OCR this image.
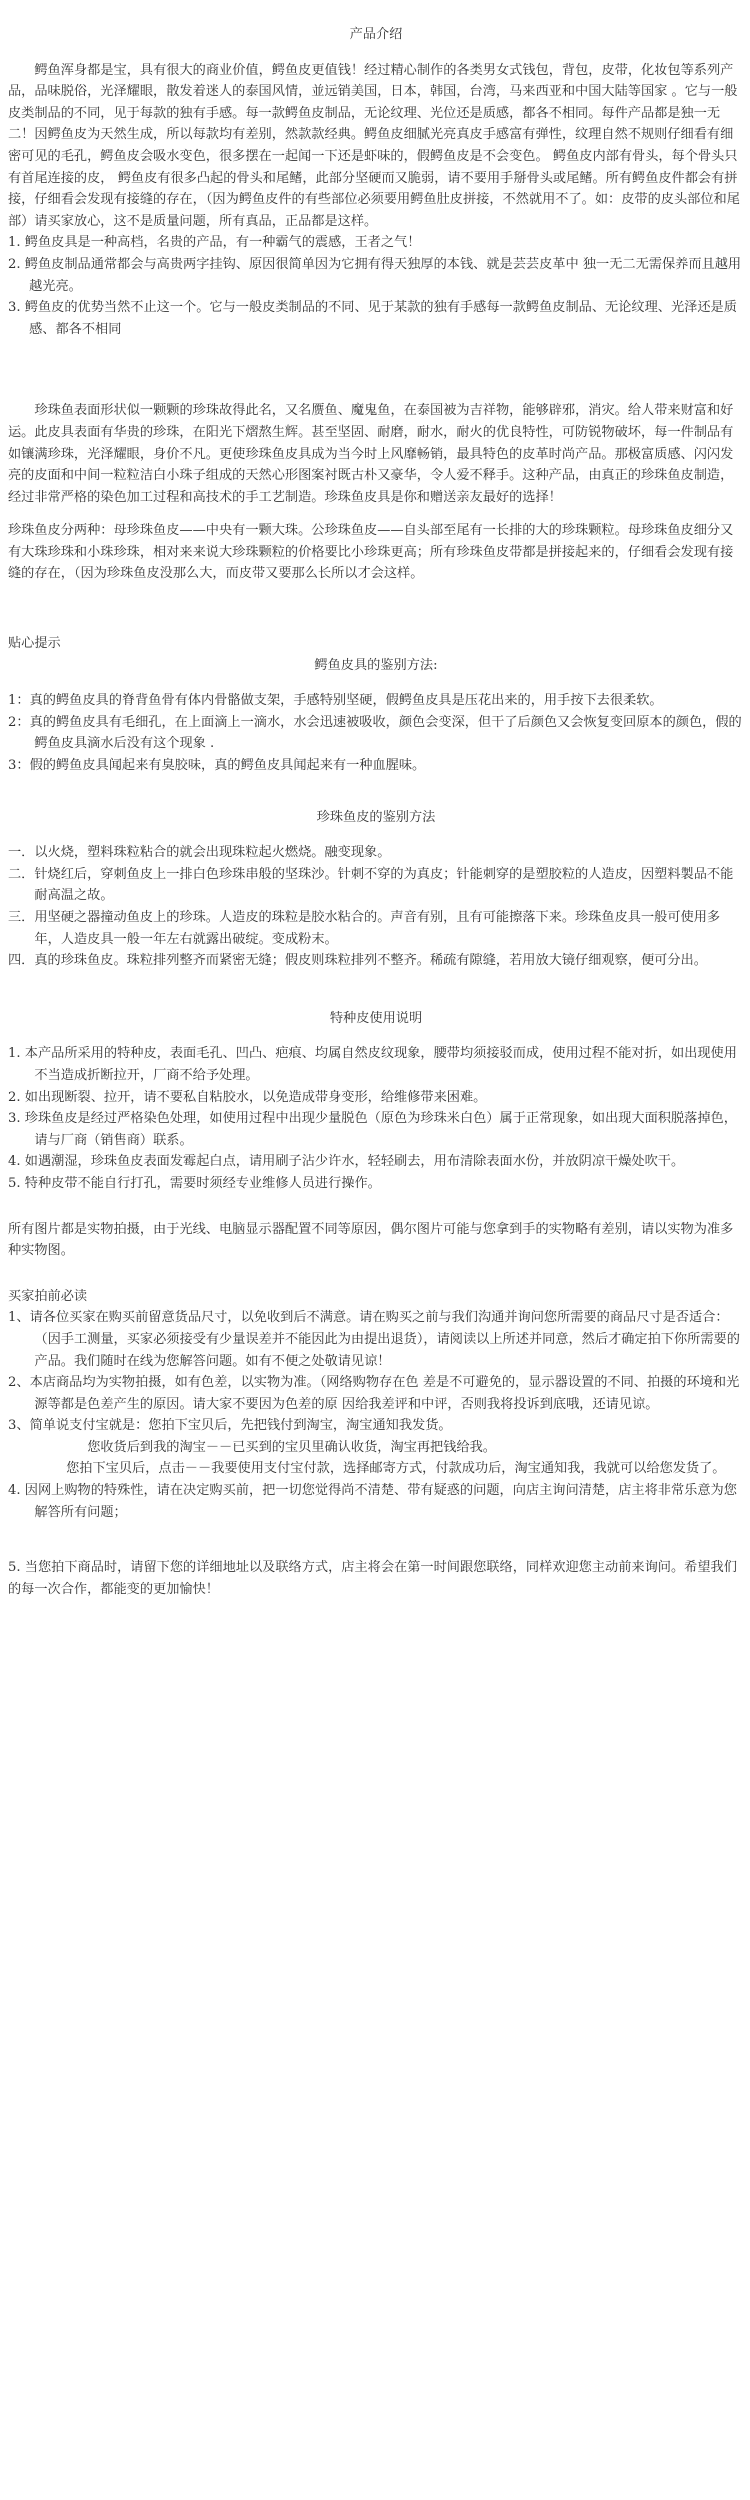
产品介绍

鳄鱼浑身都是宝，具有很大的商业价值，鳄鱼皮更值钱！经过精心制作的各类男女式钱包，背包，皮带，化妆包等系列产品，品味脱俗，光泽耀眼，散发着迷人的泰国风情，並远销美国，日本，韩国，台湾，马来西亚和中国大陆等国家 。它与一般皮类制品的不同，见于每款的独有手感。每一款鳄鱼皮制品，无论纹理、光位还是质感，都各不相同。每件产品都是独一无二！因鳄鱼皮为天然生成，所以每款均有差别，然款款经典。鳄鱼皮细腻光亮真皮手感富有弹性，纹理自然不规则仔细看有细密可见的毛孔，鳄鱼皮会吸水变色，很多摆在一起闻一下还是虾味的，假鳄鱼皮是不会变色。 鳄鱼皮内部有骨头，每个骨头只有首尾连接的皮， 鳄鱼皮有很多凸起的骨头和尾鳍，此部分坚硬而又脆弱，请不要用手掰骨头或尾鳍。所有鳄鱼皮件都会有拼接，仔细看会发现有接缝的存在，（因为鳄鱼皮件的有些部位必须要用鳄鱼肚皮拼接，不然就用不了。如：皮带的皮头部位和尾部）请买家放心，这不是质量问题，所有真品，正品都是这样。

1. 鳄鱼皮具是一种高档，名贵的产品，有一种霸气的震感，王者之气！
2. 鳄鱼皮制品通常都会与高贵两字挂钩、原因很简单因为它拥有得天独厚的本钱、就是芸芸皮革中 独一无二无需保养而且越用越光亮。
3. 鳄鱼皮的优势当然不止这一个。它与一般皮类制品的不同、见于某款的独有手感每一款鳄鱼皮制品、无论纹理、光泽还是质感、都各不相同

珍珠鱼表面形状似一颗颗的珍珠故得此名，又名赝鱼、魔鬼鱼，在泰国被为吉祥物，能够辟邪，消灾。给人带来财富和好运。此皮具表面有华贵的珍珠，在阳光下熠熬生辉。甚至坚固、耐磨，耐水，耐火的优良特性，可防锐物破坏，每一件制品有如镶满珍珠，光泽耀眼，身价不凡。更使珍珠鱼皮具成为当今时上风靡畅销，最具特色的皮革时尚产品。那极富质感、闪闪发亮的皮面和中间一粒粒洁白小珠子组成的天然心形图案衬既古朴又豪华，令人爱不释手。这种产品，由真正的珍珠鱼皮制造，经过非常严格的染色加工过程和高技术的手工艺制造。珍珠鱼皮具是你和赠送亲友最好的选择！

珍珠鱼皮分两种：母珍珠鱼皮——中央有一颗大珠。公珍珠鱼皮——自头部至尾有一长排的大的珍珠颗粒。母珍珠鱼皮细分又有大珠珍珠和小珠珍珠，相对来来说大珍珠颗粒的价格要比小珍珠更高；所有珍珠鱼皮带都是拼接起来的，仔细看会发现有接缝的存在，（因为珍珠鱼皮没那么大，而皮带又要那么长所以才会这样。

贴心提示

鳄鱼皮具的鉴别方法:
1：真的鳄鱼皮具的脊背鱼骨有体内骨骼做支架，手感特别坚硬，假鳄鱼皮具是压花出来的，用手按下去很柔软。
2：真的鳄鱼皮具有毛细孔，在上面滴上一滴水，水会迅速被吸收，颜色会变深，但干了后颜色又会恢复变回原本的颜色，假的鳄鱼皮具滴水后没有这个现象 .
3：假的鳄鱼皮具闻起来有臭胶味，真的鳄鱼皮具闻起来有一种血腥味。
珍珠鱼皮的鉴别方法
一．以火烧，塑料珠粒粘合的就会出现珠粒起火燃烧。融变现象。
二．针烧红后，穿刺鱼皮上一排白色珍珠串般的坚珠沙。针刺不穿的为真皮；针能刺穿的是塑胶粒的人造皮，因塑料製品不能耐高温之故。
三．用坚硬之器撞动鱼皮上的珍珠。人造皮的珠粒是胶水粘合的。声音有别，且有可能擦落下来。珍珠鱼皮具一般可使用多年，人造皮具一般一年左右就露出破绽。变成粉末。
四．真的珍珠鱼皮。珠粒排列整齐而紧密无缝；假皮则珠粒排列不整齐。稀疏有隙缝，若用放大镜仔细观察，便可分出。
特种皮使用说明
1. 本产品所采用的特种皮，表面毛孔、凹凸、疤痕、均属自然皮纹现象，腰带均须接驳而成，使用过程不能对折，如出现使用不当造成折断拉开，厂商不给予处理。
2. 如出现断裂、拉开，请不要私自粘胶水，以免造成带身变形，给维修带来困难。
3. 珍珠鱼皮是经过严格染色处理，如使用过程中出现少量脱色（原色为珍珠米白色）属于正常现象，如出现大面积脱落掉色，请与厂商（销售商）联系。
4. 如遇潮湿，珍珠鱼皮表面发霉起白点，请用刷子沾少许水，轻轻刷去，用布清除表面水份，并放阴凉干燥处吹干。
5. 特种皮带不能自行打孔，需要时须经专业维修人员进行操作。

所有图片都是实物拍摄，由于光线、电脑显示器配置不同等原因，偶尔图片可能与您拿到手的实物略有差别，请以实物为准多种实物图。

买家拍前必读

1、请各位买家在购买前留意货品尺寸，以免收到后不满意。请在购买之前与我们沟通并询问您所需要的商品尺寸是否适合：（因手工测量，买家必须接受有少量误差并不能因此为由提出退货），请阅读以上所述并同意，然后才确定拍下你所需要的产品。我们随时在线为您解答问题。如有不便之处敬请见谅！
2、本店商品均为实物拍摄，如有色差，以实物为准。（网络购物存在色 差是不可避免的，显示器设置的不同、拍摄的环境和光源等都是色差产生的原因。请大家不要因为色差的原 因给我差评和中评，否则我将投诉到底哦，还请见谅。
3、简单说支付宝就是：您拍下宝贝后，先把钱付到淘宝，淘宝通知我发货。

您收货后到我的淘宝－－已买到的宝贝里确认收货，淘宝再把钱给我。

您拍下宝贝后，点击－－我要使用支付宝付款，选择邮寄方式，付款成功后，淘宝通知我，我就可以给您发货了。

4. 因网上购物的特殊性，请在决定购买前，把一切您觉得尚不清楚、带有疑惑的问题，向店主询问清楚，店主将非常乐意为您解答所有问题；

5. 当您拍下商品时，请留下您的详细地址以及联络方式，店主将会在第一时间跟您联络，同样欢迎您主动前来询问。希望我们的每一次合作，都能变的更加愉快！
